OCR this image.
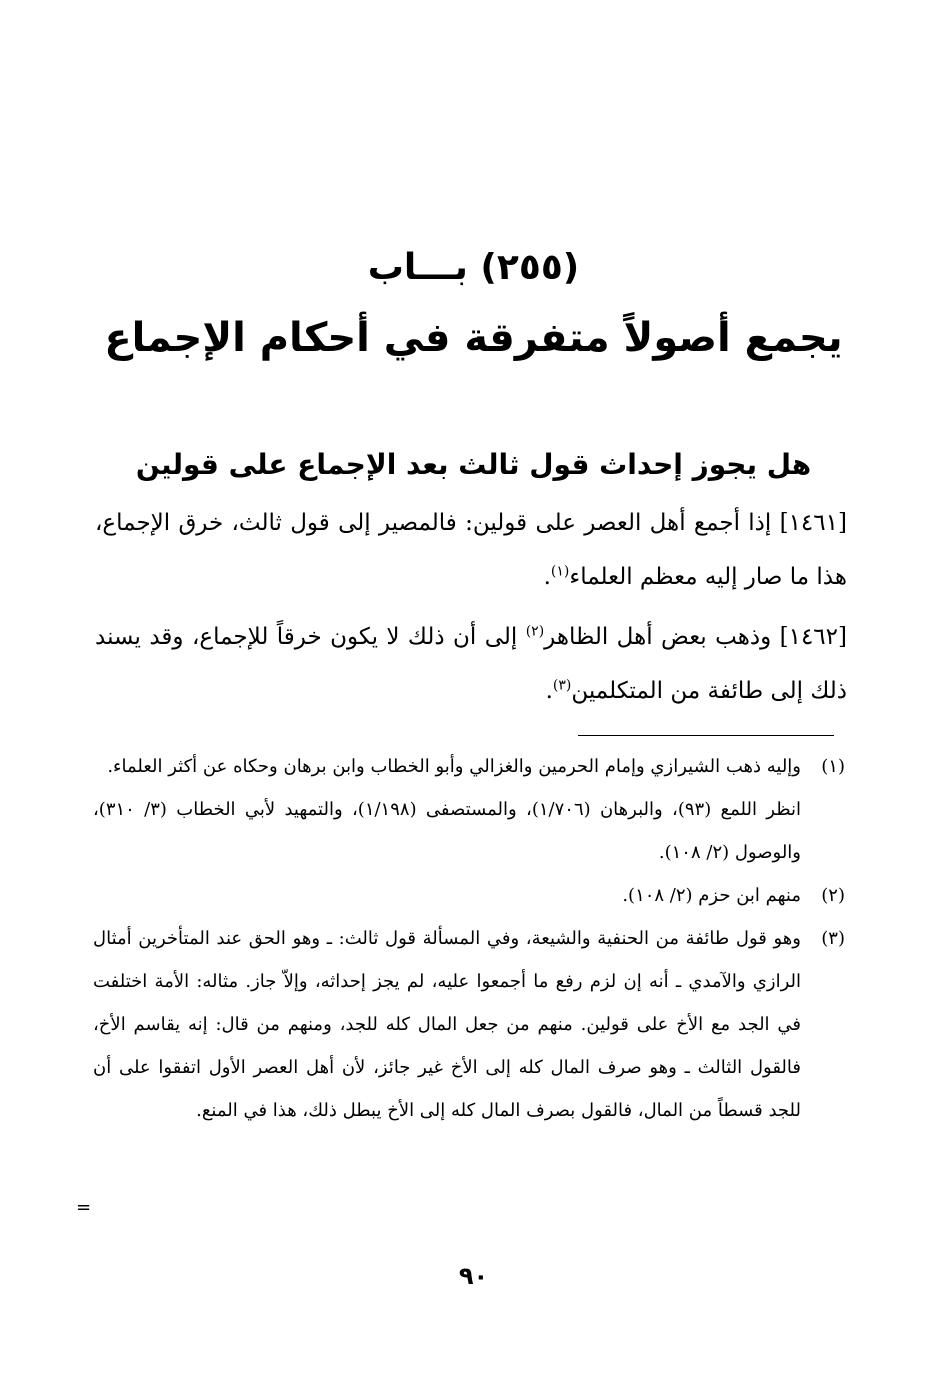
(٢٥٥) بـــاب
يجمع أصولاً متفرقة في أحكام الإجماع
هل يجوز إحداث قول ثالث بعد الإجماع على قولين

[١٤٦١] إذا أجمع أهل العصر على قولين: فالمصير إلى قول ثالث، خرق الإجماع، هذا ما صار إليه معظم العلماء$^{(١)}$.

[١٤٦٢] وذهب بعض أهل الظاهر$^{(٢)}$ إلى أن ذلك لا يكون خرقاً للإجماع، وقد يسند ذلك إلى طائفة من المتكلمين$^{(٣)}$.

(١)

وإليه ذهب الشيرازي وإمام الحرمين والغزالي وأبو الخطاب وابن برهان وحكاه عن أكثر العلماء.

انظر اللمع (٩٣)، والبرهان (١/٧٠٦)، والمستصفى (١/١٩٨)، والتمهيد لأبي الخطاب (٣/ ٣١٠)، والوصول (٢/ ١٠٨).

(٢)

منهم ابن حزم (٢/ ١٠٨).

(٣)

وهو قول طائفة من الحنفية والشيعة، وفي المسألة قول ثالث: ـ وهو الحق عند المتأخرين أمثال الرازي والآمدي ـ أنه إن لزم رفع ما أجمعوا عليه، لم يجز إحداثه، وإلاّ جاز. مثاله: الأمة اختلفت في الجد مع الأخ على قولين. منهم من جعل المال كله للجد، ومنهم من قال: إنه يقاسم الأخ، فالقول الثالث ـ وهو صرف المال كله إلى الأخ غير جائز، لأن أهل العصر الأول اتفقوا على أن للجد قسطاً من المال، فالقول بصرف المال كله إلى الأخ يبطل ذلك، هذا في المنع.

=
٩٠
